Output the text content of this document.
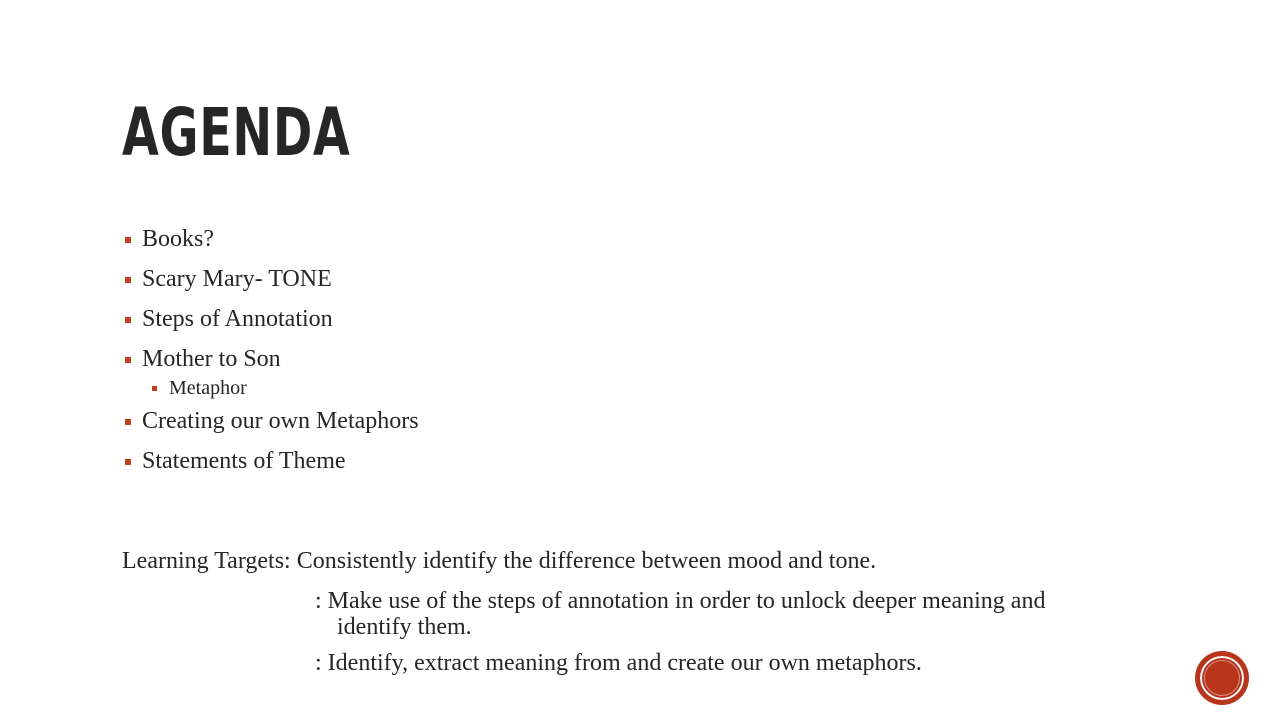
AGENDA
Books?
Scary Mary- TONE
Steps of Annotation
Mother to Son
Metaphor
Creating our own Metaphors
Statements of Theme
Learning Targets: Consistently identify the difference between mood and tone.
: Make use of the steps of annotation in order to unlock deeper meaning and identify them.
: Identify, extract meaning from and create our own metaphors.
